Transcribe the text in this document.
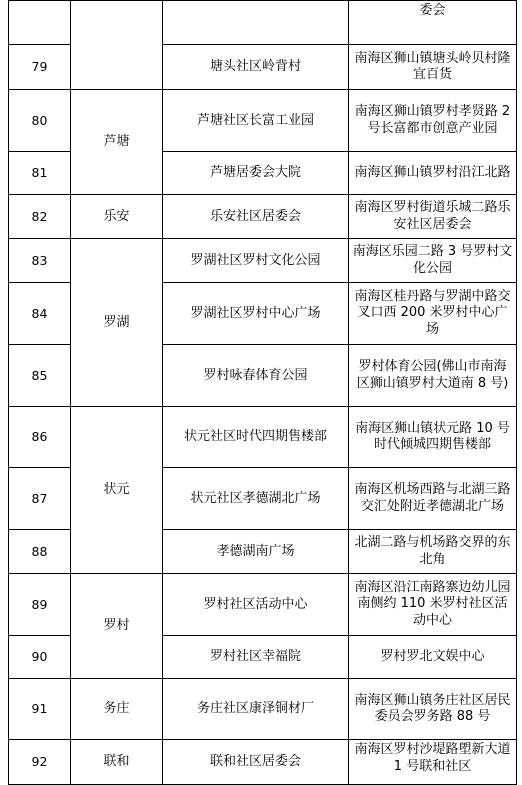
			委会
79		塘头社区岭背村	南海区狮山镇塘头岭贝村隆宜百货
80	芦塘	芦塘社区长富工业园	南海区狮山镇罗村孝贤路 2 号长富都市创意产业园
81		芦塘居委会大院	南海区狮山镇罗村沿江北路
82	乐安	乐安社区居委会	南海区罗村街道乐城二路乐安社区居委会
83	罗湖	罗湖社区罗村文化公园	南海区乐园二路 3 号罗村文化公园
84		罗湖社区罗村中心广场	南海区桂丹路与罗湖中路交叉口西 200 米罗村中心广场
85		罗村咏春体育公园	罗村体育公园(佛山市南海区狮山镇罗村大道南 8 号)
86	状元	状元社区时代四期售楼部	南海区狮山镇状元路 10 号时代倾城四期售楼部
87		状元社区孝德湖北广场	南海区机场西路与北湖三路交汇处附近孝德湖北广场
88		孝德湖南广场	北湖二路与机场路交界的东北角
89	罗村	罗村社区活动中心	南海区沿江南路寨边幼儿园南侧约 110 米罗村社区活动中心
90		罗村社区幸福院	罗村罗北文娱中心
91	务庄	务庄社区康泽铜材厂	南海区狮山镇务庄社区居民委员会罗务路 88 号
92	联和	联和社区居委会	南海区罗村沙堤路塱新大道 1 号联和社区
